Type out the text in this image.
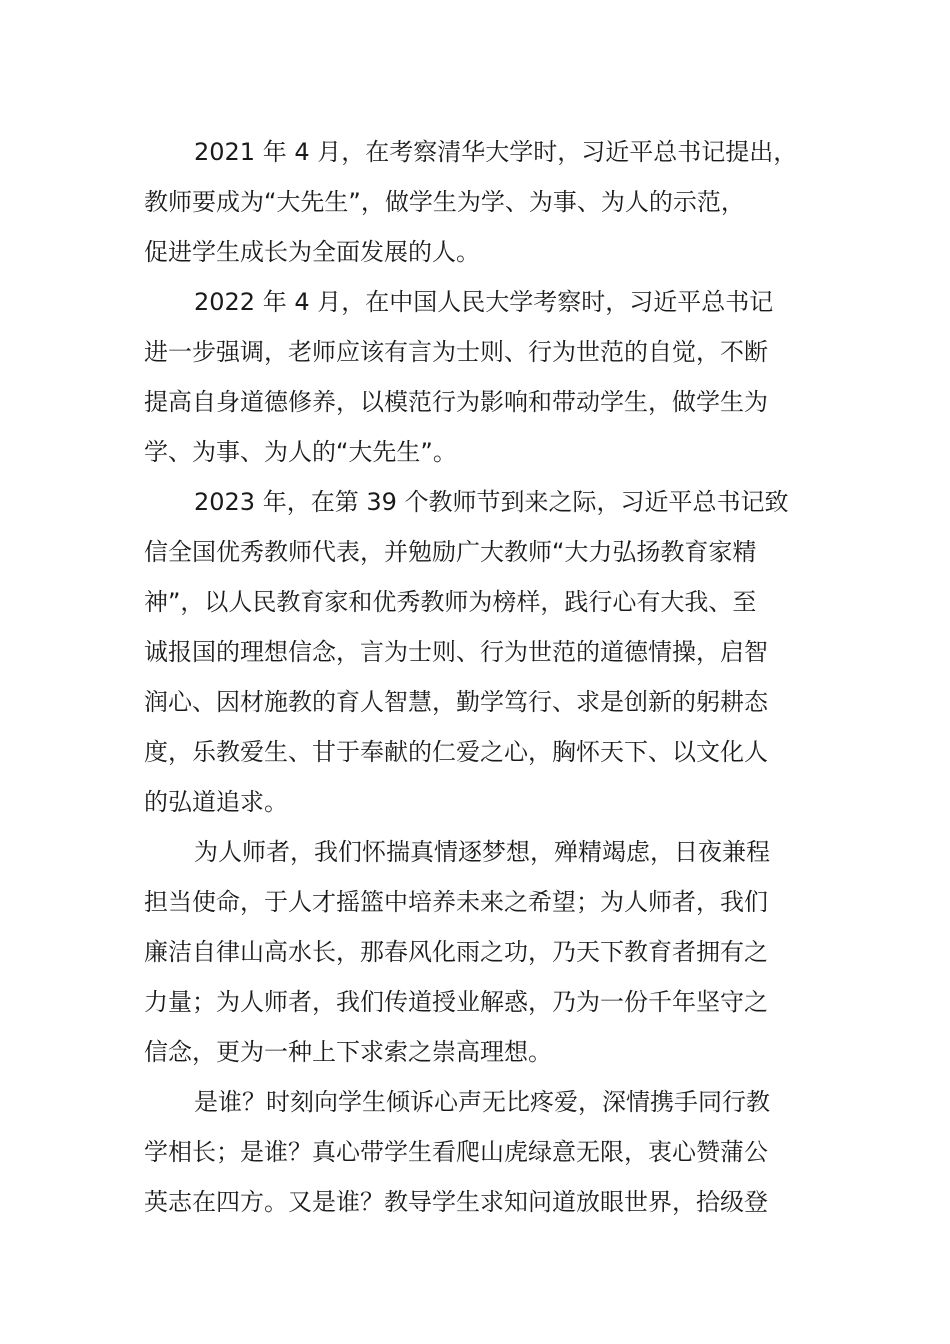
2021 年 4 月，在考察清华大学时，习近平总书记提出，
教师要成为“大先生”，做学生为学、为事、为人的示范，
促进学生成长为全面发展的人。

2022 年 4 月，在中国人民大学考察时，习近平总书记
进一步强调，老师应该有言为士则、行为世范的自觉，不断
提高自身道德修养，以模范行为影响和带动学生，做学生为
学、为事、为人的“大先生”。

2023 年，在第 39 个教师节到来之际，习近平总书记致
信全国优秀教师代表，并勉励广大教师“大力弘扬教育家精
神”，以人民教育家和优秀教师为榜样，践行心有大我、至
诚报国的理想信念，言为士则、行为世范的道德情操，启智
润心、因材施教的育人智慧，勤学笃行、求是创新的躬耕态
度，乐教爱生、甘于奉献的仁爱之心，胸怀天下、以文化人
的弘道追求。

为人师者，我们怀揣真情逐梦想，殚精竭虑，日夜兼程
担当使命，于人才摇篮中培养未来之希望；为人师者，我们
廉洁自律山高水长，那春风化雨之功，乃天下教育者拥有之
力量；为人师者，我们传道授业解惑，乃为一份千年坚守之
信念，更为一种上下求索之崇高理想。

是谁？时刻向学生倾诉心声无比疼爱，深情携手同行教
学相长；是谁？真心带学生看爬山虎绿意无限，衷心赞蒲公
英志在四方。又是谁？教导学生求知问道放眼世界，拾级登
